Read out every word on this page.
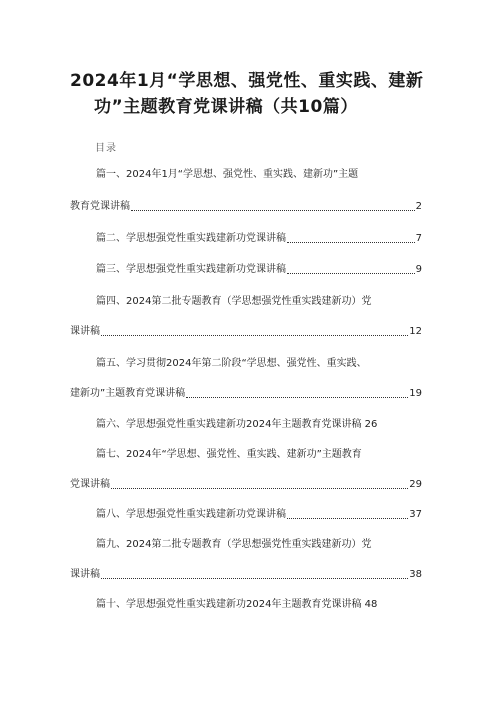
2024年1月“学思想、强党性、重实践、建新
功”主题教育党课讲稿（共10篇）
目录
篇一、2024年1月“学思想、强党性、重实践、建新功”主题
教育党课讲稿	2
篇二、学思想强党性重实践建新功党课讲稿	7
篇三、学思想强党性重实践建新功党课讲稿	9
篇四、2024第二批专题教育（学思想强党性重实践建新功）党
课讲稿	12
篇五、学习贯彻2024年第二阶段“学思想、强党性、重实践、
建新功”主题教育党课讲稿	19
篇六、学思想强党性重实践建新功2024年主题教育党课讲稿 26
篇七、2024年“学思想、强党性、重实践、建新功”主题教育
党课讲稿	29
篇八、学思想强党性重实践建新功党课讲稿	37
篇九、2024第二批专题教育（学思想强党性重实践建新功）党
课讲稿	38
篇十、学思想强党性重实践建新功2024年主题教育党课讲稿 48
